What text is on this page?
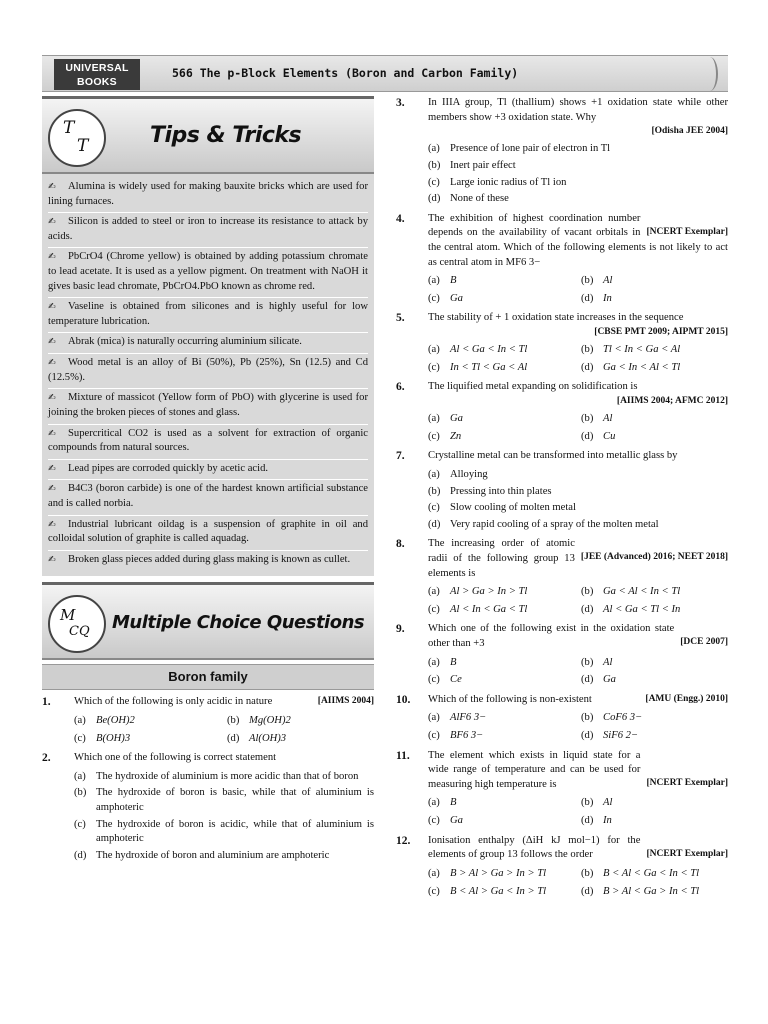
UNIVERSAL
BOOKS
566 The p-Block Elements (Boron and Carbon Family)
T
T	Tips & Tricks
✍ Alumina is widely used for making bauxite bricks which are used for lining furnaces.
✍ Silicon is added to steel or iron to increase its resistance to attack by acids.
✍ PbCrO4 (Chrome yellow) is obtained by adding potassium chromate to lead acetate. It is used as a yellow pigment. On treatment with NaOH it gives basic lead chromate, PbCrO4.PbO known as chrome red.
✍ Vaseline is obtained from silicones and is highly useful for low temperature lubrication.
✍ Abrak (mica) is naturally occurring aluminium silicate.
✍ Wood metal is an alloy of Bi (50%), Pb (25%), Sn (12.5) and Cd (12.5%).
✍ Mixture of massicot (Yellow form of PbO) with glycerine is used for joining the broken pieces of stones and glass.
✍ Supercritical CO2 is used as a solvent for extraction of organic compounds from natural sources.
✍ Lead pipes are corroded quickly by acetic acid.
✍ B4C3 (boron carbide) is one of the hardest known artificial substance and is called norbia.
✍ Industrial lubricant oildag is a suspension of graphite in oil and colloidal solution of graphite is called aquadag.
✍ Broken glass pieces added during glass making is known as cullet.
M
CQ Multiple Choice Questions
Boron family
1.	[AIIMS 2004]
Which of the following is only acidic in nature
(a) Be(OH)2	(b) Mg(OH)2
(c) B(OH)3	(d) Al(OH)3
2. Which one of the following is correct statement
(a) The hydroxide of aluminium is more acidic than that of boron
(b) The hydroxide of boron is basic, while that of aluminium is amphoteric
(c) The hydroxide of boron is acidic, while that of aluminium is amphoteric
(d) The hydroxide of boron and aluminium are amphoteric
3. In IIIA group, Tl (thallium) shows +1 oxidation state while other members show +3 oxidation state. Why
[Odisha JEE 2004]
(a) Presence of lone pair of electron in Tl
(b) Inert pair effect
(c) Large ionic radius of Tl ion
(d) None of these
4.
[NCERT Exemplar]
The exhibition of highest coordination number depends on the availability of vacant orbitals in the central atom. Which of the following elements is not likely to act as central atom in MF6 3−
(a) B	(b) Al
(c) Ga	(d) In
5. The stability of + 1 oxidation state increases in the sequence
[CBSE PMT 2009; AIPMT 2015]
(a) Al < Ga < In < Tl	(b) Tl < In < Ga < Al
(c) In < Tl < Ga < Al	(d) Ga < In < Al < Tl
6. The liquified metal expanding on solidification is
[AIIMS 2004; AFMC 2012]
(a) Ga	(b) Al
(c) Zn	(d) Cu
7. Crystalline metal can be transformed into metallic glass by
(a) Alloying
(b) Pressing into thin plates
(c) Slow cooling of molten metal
(d) Very rapid cooling of a spray of the molten metal
8.
[JEE (Advanced) 2016; NEET 2018]
The increasing order of atomic radii of the following group 13 elements is
(a) Al > Ga > In > Tl	(b) Ga < Al < In < Tl
(c) Al < In < Ga < Tl	(d) Al < Ga < Tl < In
9.
[DCE 2007]
Which one of the following exist in the oxidation state other than +3
(a) B	(b) Al
(c) Ce	(d) Ga
10.	[AMU (Engg.) 2010]
Which of the following is non-existent
(a) AlF6 3−	(b) CoF6 3−
(c) BF6 3−	(d) SiF6 2−
11.
[NCERT Exemplar]
The element which exists in liquid state for a wide range of temperature and can be used for measuring high temperature is
(a) B	(b) Al
(c) Ga	(d) In
12.
[NCERT Exemplar]
Ionisation enthalpy (ΔiH kJ mol−1) for the elements of group 13 follows the order
(a) B > Al > Ga > In > Tl	(b) B < Al < Ga < In < Tl
(c) B < Al > Ga < In > Tl	(d) B > Al < Ga > In < Tl
